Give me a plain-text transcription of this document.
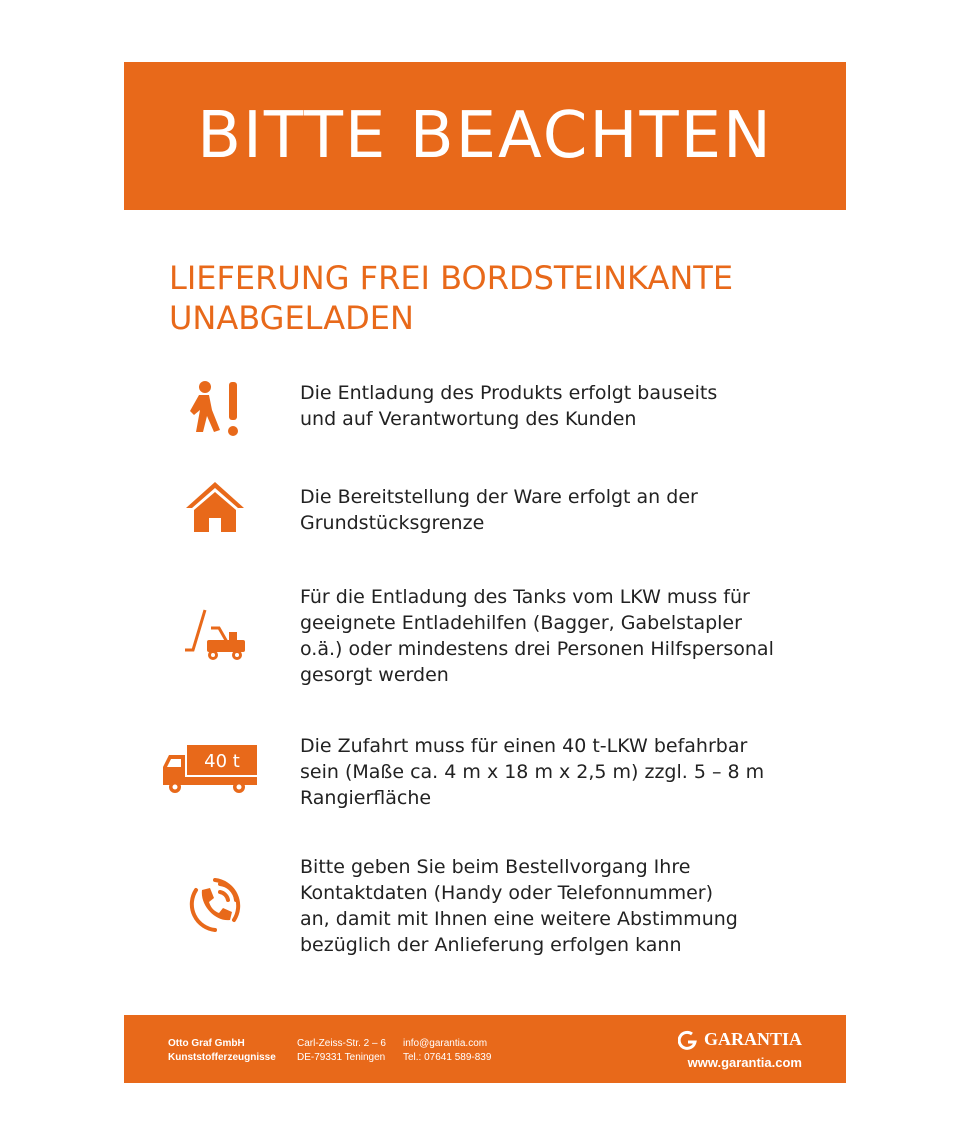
BITTE BEACHTEN
LIEFERUNG FREI BORDSTEINKANTE
UNABGELADEN
Die Entladung des Produkts erfolgt bauseits
und auf Verantwortung des Kunden
Die Bereitstellung der Ware erfolgt an der
Grundstücksgrenze
Für die Entladung des Tanks vom LKW muss für
geeignete Entladehilfen (Bagger, Gabelstapler
o.ä.) oder mindestens drei Personen Hilfspersonal
gesorgt werden
40 t
Die Zufahrt muss für einen 40 t-LKW befahrbar
sein (Maße ca. 4 m x 18 m x 2,5 m) zzgl. 5 – 8 m
Rangierfläche
Bitte geben Sie beim Bestellvorgang Ihre
Kontaktdaten (Handy oder Telefonnummer)
an, damit mit Ihnen eine weitere Abstimmung
bezüglich der Anlieferung erfolgen kann
Otto Graf GmbH
Kunststofferzeugnisse
Carl-Zeiss-Str. 2 – 6
DE-79331 Teningen
info@garantia.com
Tel.: 07641 589-839
GARANTIA
www.garantia.com
